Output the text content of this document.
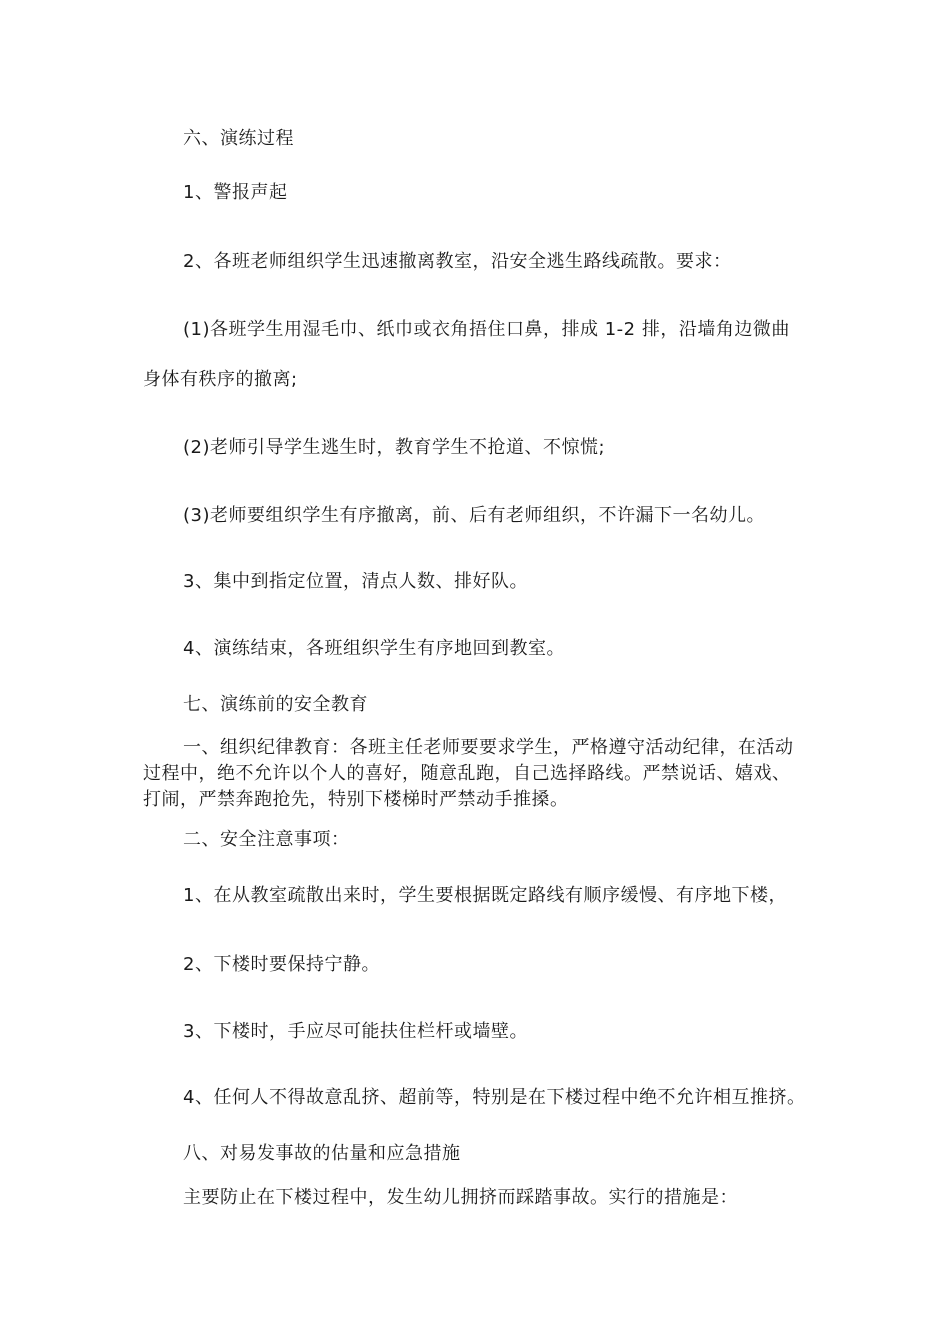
六、演练过程
1、警报声起
2、各班老师组织学生迅速撤离教室，沿安全逃生路线疏散。要求：
(1)各班学生用湿毛巾、纸巾或衣角捂住口鼻，排成 1-2 排，沿墙角边微曲
身体有秩序的撤离;
(2)老师引导学生逃生时，教育学生不抢道、不惊慌;
(3)老师要组织学生有序撤离，前、后有老师组织，不许漏下一名幼儿。
3、集中到指定位置，清点人数、排好队。
4、演练结束，各班组织学生有序地回到教室。
七、演练前的安全教育
一、组织纪律教育：各班主任老师要要求学生，严格遵守活动纪律，在活动过程中，绝不允许以个人的喜好，随意乱跑，自己选择路线。严禁说话、嬉戏、打闹，严禁奔跑抢先，特别下楼梯时严禁动手推搡。
二、安全注意事项：
1、在从教室疏散出来时，学生要根据既定路线有顺序缓慢、有序地下楼，
2、下楼时要保持宁静。
3、下楼时，手应尽可能扶住栏杆或墙壁。
4、任何人不得故意乱挤、超前等，特别是在下楼过程中绝不允许相互推挤。
八、对易发事故的估量和应急措施
主要防止在下楼过程中，发生幼儿拥挤而踩踏事故。实行的措施是：
